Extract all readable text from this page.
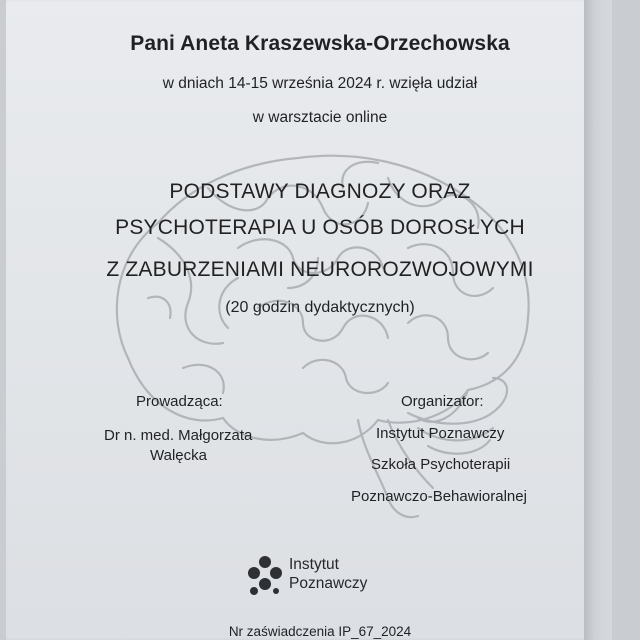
Pani Aneta Kraszewska-Orzechowska
w dniach 14-15 września 2024 r. wzięła udział
w warsztacie online
PODSTAWY DIAGNOZY ORAZ
PSYCHOTERAPIA U OSÓB DOROSŁYCH
Z ZABURZENIAMI NEUROROZWOJOWYMI
(20 godzin dydaktycznych)
Prowadząca:
Dr n. med. Małgorzata
Walęcka
Organizator:
Instytut Poznawczy
Szkoła Psychoterapii
Poznawczo-Behawioralnej
Instytut
Poznawczy
Nr zaświadczenia IP_67_2024
